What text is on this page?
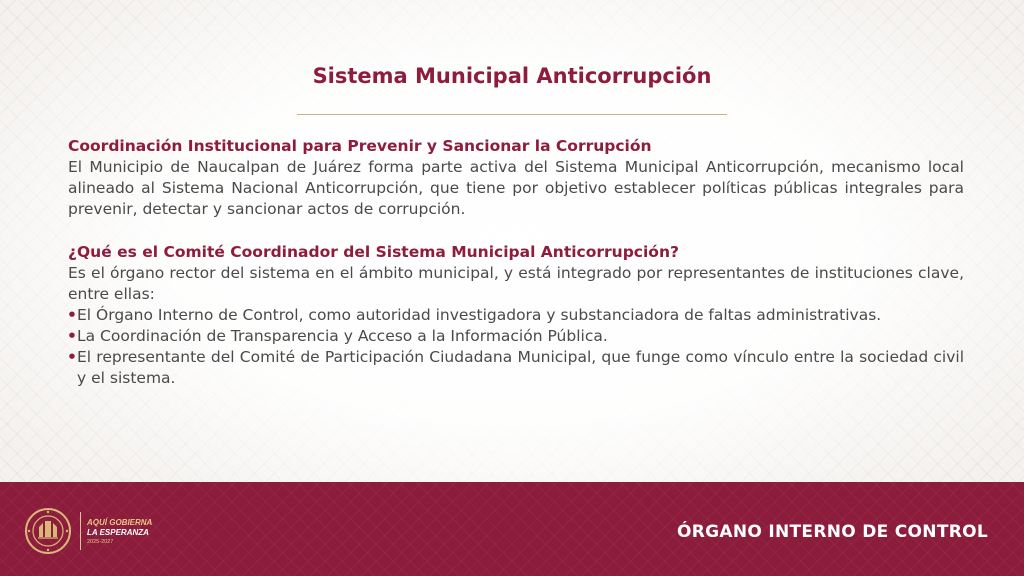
Sistema Municipal Anticorrupción
Coordinación Institucional para Prevenir y Sancionar la Corrupción

El Municipio de Naucalpan de Juárez forma parte activa del Sistema Municipal Anticorrupción, mecanismo local alineado al Sistema Nacional Anticorrupción, que tiene por objetivo establecer políticas públicas integrales para prevenir, detectar y sancionar actos de corrupción.

¿Qué es el Comité Coordinador del Sistema Municipal Anticorrupción?

Es el órgano rector del sistema en el ámbito municipal, y está integrado por representantes de instituciones clave, entre ellas:

• El Órgano Interno de Control, como autoridad investigadora y substanciadora de faltas administrativas.
• La Coordinación de Transparencia y Acceso a la Información Pública.
• El representante del Comité de Participación Ciudadana Municipal, que funge como vínculo entre la sociedad civil y el sistema.
AQUÍ GOBIERNA
LA ESPERANZA
2025-2027	ÓRGANO INTERNO DE CONTROL
